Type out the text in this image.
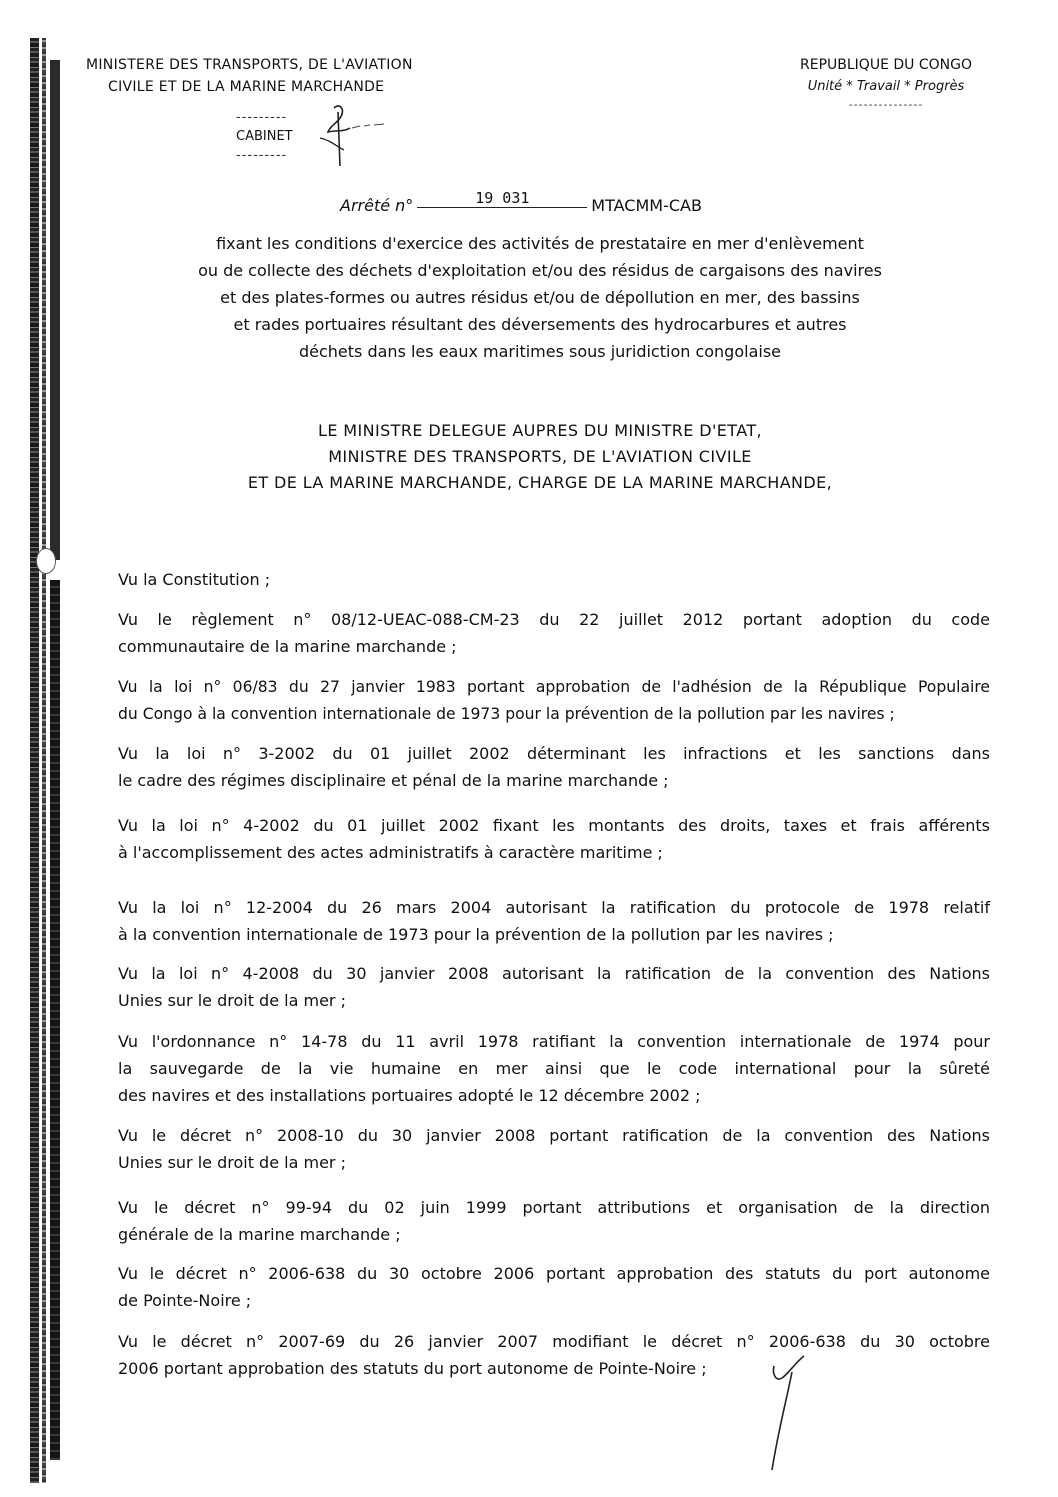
MINISTERE DES TRANSPORTS, DE L'AVIATION
CIVILE ET DE LA MARINE MARCHANDE
REPUBLIQUE DU CONGO
Unité * Travail * Progrès
---------------
---------
CABINET
---------
Arrêté n°	19 031	MTACMM-CAB
fixant les conditions d'exercice des activités de prestataire en mer d'enlèvement
ou de collecte des déchets d'exploitation et/ou des résidus de cargaisons des navires
et des plates-formes ou autres résidus et/ou de dépollution en mer, des bassins
et rades portuaires résultant des déversements des hydrocarbures et autres
déchets dans les eaux maritimes sous juridiction congolaise
LE MINISTRE DELEGUE AUPRES DU MINISTRE D'ETAT,
MINISTRE DES TRANSPORTS, DE L'AVIATION CIVILE
ET DE LA MARINE MARCHANDE, CHARGE DE LA MARINE MARCHANDE,
Vu la Constitution ;
Vu le règlement n° 08/12-UEAC-088-CM-23 du 22 juillet 2012 portant adoption du code
communautaire de la marine marchande ;
Vu la loi n° 06/83 du 27 janvier 1983 portant approbation de l'adhésion de la République Populaire
du Congo à la convention internationale de 1973 pour la prévention de la pollution par les navires ;
Vu la loi n° 3-2002 du 01 juillet 2002 déterminant les infractions et les sanctions dans
le cadre des régimes disciplinaire et pénal de la marine marchande ;
Vu la loi n° 4-2002 du 01 juillet 2002 fixant les montants des droits, taxes et frais afférents
à l'accomplissement des actes administratifs à caractère maritime ;
Vu la loi n° 12-2004 du 26 mars 2004 autorisant la ratification du protocole de 1978 relatif
à la convention internationale de 1973 pour la prévention de la pollution par les navires ;
Vu la loi n° 4-2008 du 30 janvier 2008 autorisant la ratification de la convention des Nations
Unies sur le droit de la mer ;
Vu l'ordonnance n° 14-78 du 11 avril 1978 ratifiant la convention internationale de 1974 pour
la sauvegarde de la vie humaine en mer ainsi que le code international pour la sûreté
des navires et des installations portuaires adopté le 12 décembre 2002 ;
Vu le décret n° 2008-10 du 30 janvier 2008 portant ratification de la convention des Nations
Unies sur le droit de la mer ;
Vu le décret n° 99-94 du 02 juin 1999 portant attributions et organisation de la direction
générale de la marine marchande ;
Vu le décret n° 2006-638 du 30 octobre 2006 portant approbation des statuts du port autonome
de Pointe-Noire ;
Vu le décret n° 2007-69 du 26 janvier 2007 modifiant le décret n° 2006-638 du 30 octobre
2006 portant approbation des statuts du port autonome de Pointe-Noire ;
